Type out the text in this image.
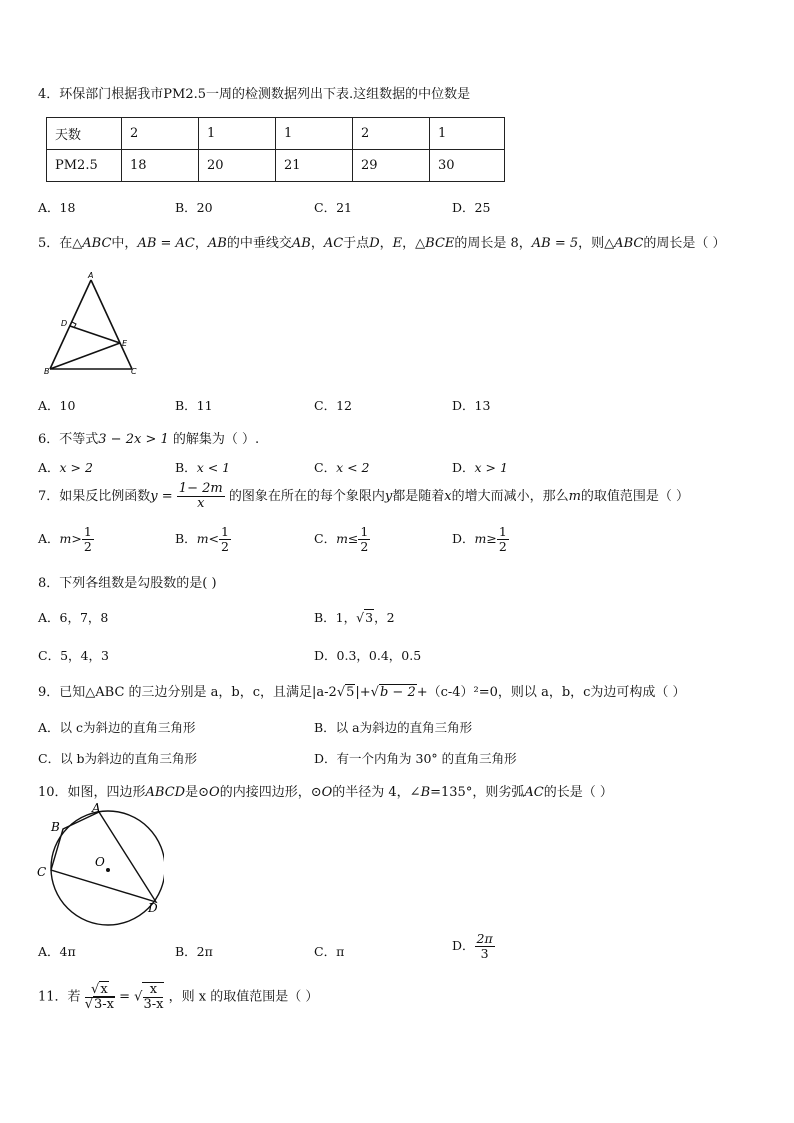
4．环保部门根据我市PM2.5一周的检测数据列出下表.这组数据的中位数是
天数	2	1	1	2	1
PM2.5	18	20	21	29	30
A．18	B．20	C．21	D．25
5．在△ABC中，AB = AC，AB的中垂线交AB，AC于点D，E，△BCE的周长是 8，AB = 5，则△ABC的周长是（ ）
A
D
E
B	C
A．10	B．11	C．12	D．13
6．不等式3 − 2x > 1 的解集为（ ）.
A．x > 2	B．x < 1	C．x < 2	D．x > 1
7．如果反比例函数$y = \frac{1- 2m}{x}$ 的图象在所在的每个象限内y都是随着x的增大而减小，那么m的取值范围是（ ）
A．$m> \frac{1}{2}$	B．$m< \frac{1}{2}$	C．$m\le \frac{1}{2}$	D．$m\ge \frac{1}{2}$
8．下列各组数是勾股数的是( )
A．6，7，8	B．1，√3，2
C．5，4，3	D．0.3，0.4，0.5
9．已知△ABC 的三边分别是 a，b，c，且满足|a-2√5|+√b − 2+（c-4）²=0，则以 a，b，c为边可构成（ ）
A．以 c为斜边的直角三角形	B．以 a为斜边的直角三角形
C．以 b为斜边的直角三角形	D．有一个内角为 30° 的直角三角形
10．如图，四边形ABCD是⊙O的内接四边形，⊙O的半径为 4，∠B=135°，则劣弧AC的长是（ ）
A
B
C
D
O
A．4π	B．2π	C．π	D． $\frac{2\pi}{3}$
11．若 $\frac{√x}{√3-x}$ = √ $\frac{x}{3-x}$ ，则 x 的取值范围是（ ）
